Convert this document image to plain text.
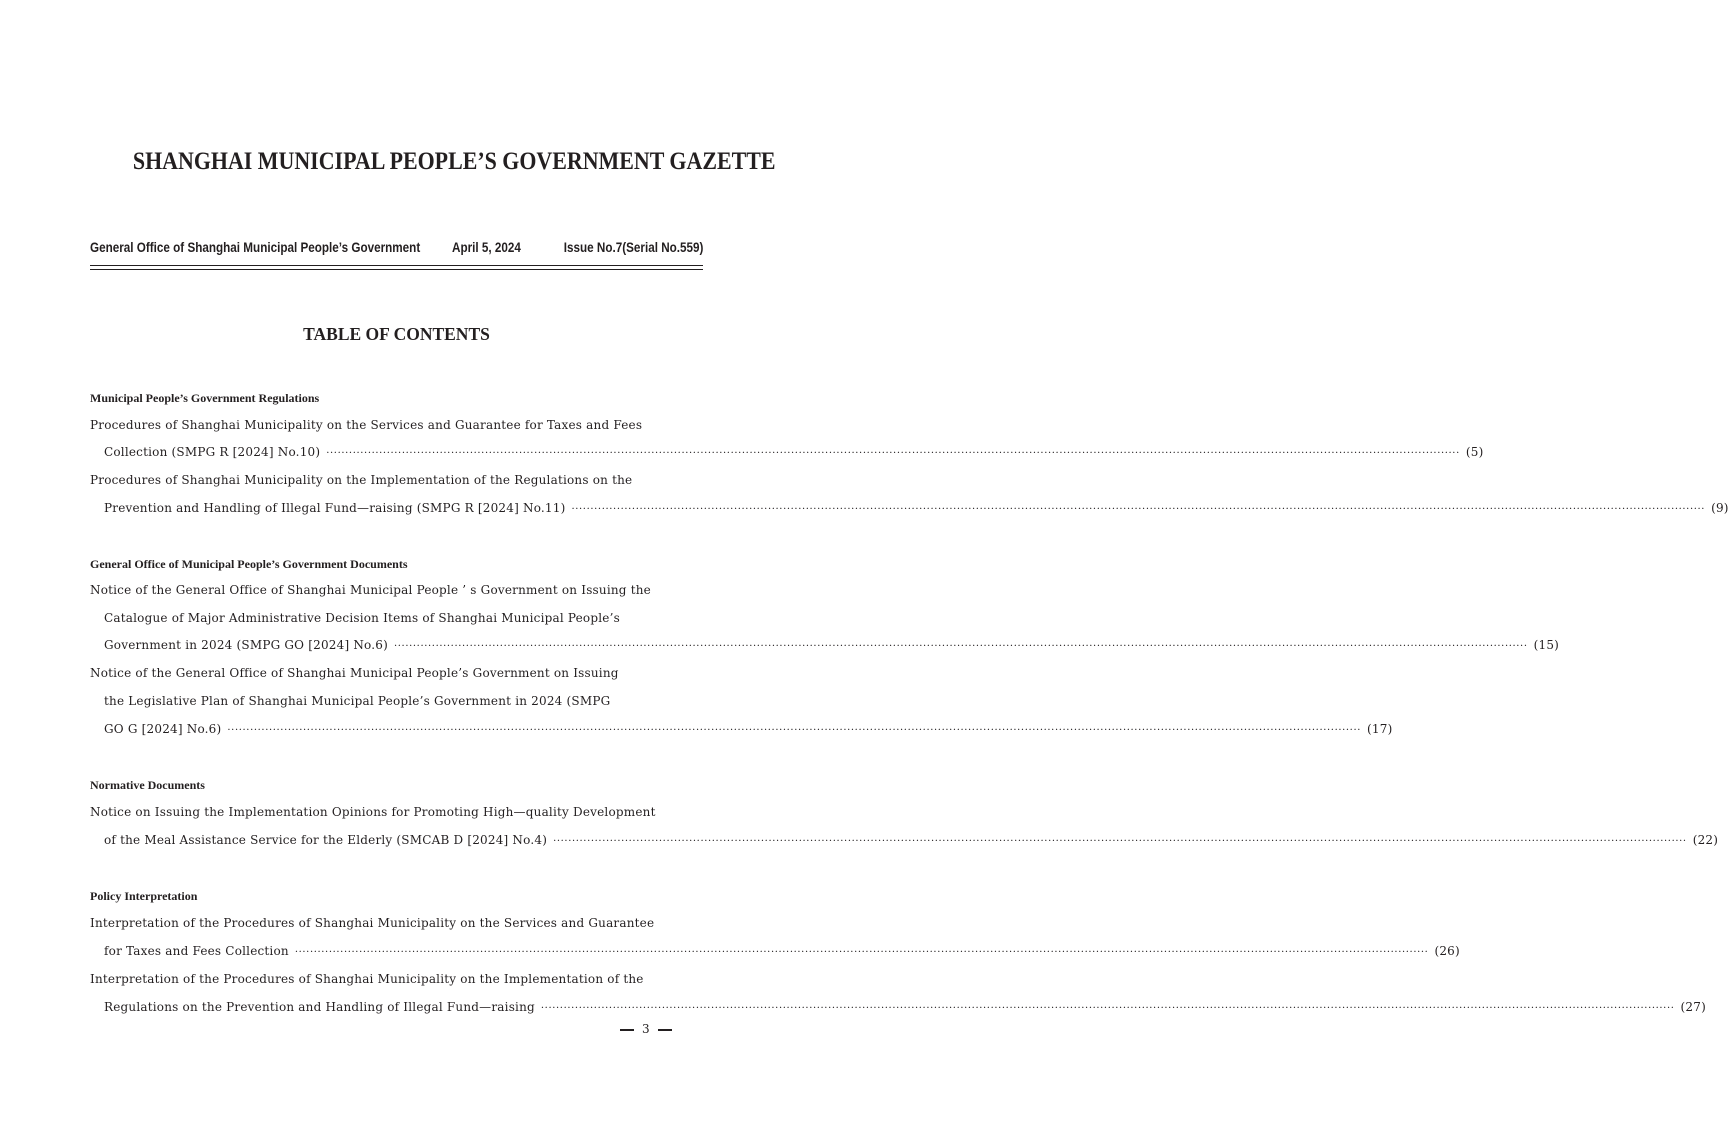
SHANGHAI MUNICIPAL PEOPLE’S GOVERNMENT GAZETTE
General Office of Shanghai Municipal People’s Government April 5, 2024	Issue No.7(Serial No.559)
TABLE OF CONTENTS
Municipal People’s Government Regulations
Procedures of Shanghai Municipality on the Services and Guarantee for Taxes and Fees
Collection (SMPG R [2024] No.10) ············································································································································································································································································································ (5)
Procedures of Shanghai Municipality on the Implementation of the Regulations on the
Prevention and Handling of Illegal Fund—raising (SMPG R [2024] No.11) ············································································································································································································································································································ (9)
General Office of Municipal People’s Government Documents
Notice of the General Office of Shanghai Municipal People ’ s Government on Issuing the
Catalogue of Major Administrative Decision Items of Shanghai Municipal People’s
Government in 2024 (SMPG GO [2024] No.6) ············································································································································································································································································································ (15)
Notice of the General Office of Shanghai Municipal People’s Government on Issuing
the Legislative Plan of Shanghai Municipal People’s Government in 2024 (SMPG
GO G [2024] No.6) ············································································································································································································································································································ (17)
Normative Documents
Notice on Issuing the Implementation Opinions for Promoting High—quality Development
of the Meal Assistance Service for the Elderly (SMCAB D [2024] No.4) ············································································································································································································································································································ (22)
Policy Interpretation
Interpretation of the Procedures of Shanghai Municipality on the Services and Guarantee
for Taxes and Fees Collection ············································································································································································································································································································ (26)
Interpretation of the Procedures of Shanghai Municipality on the Implementation of the
Regulations on the Prevention and Handling of Illegal Fund—raising ············································································································································································································································································································ (27)
3
